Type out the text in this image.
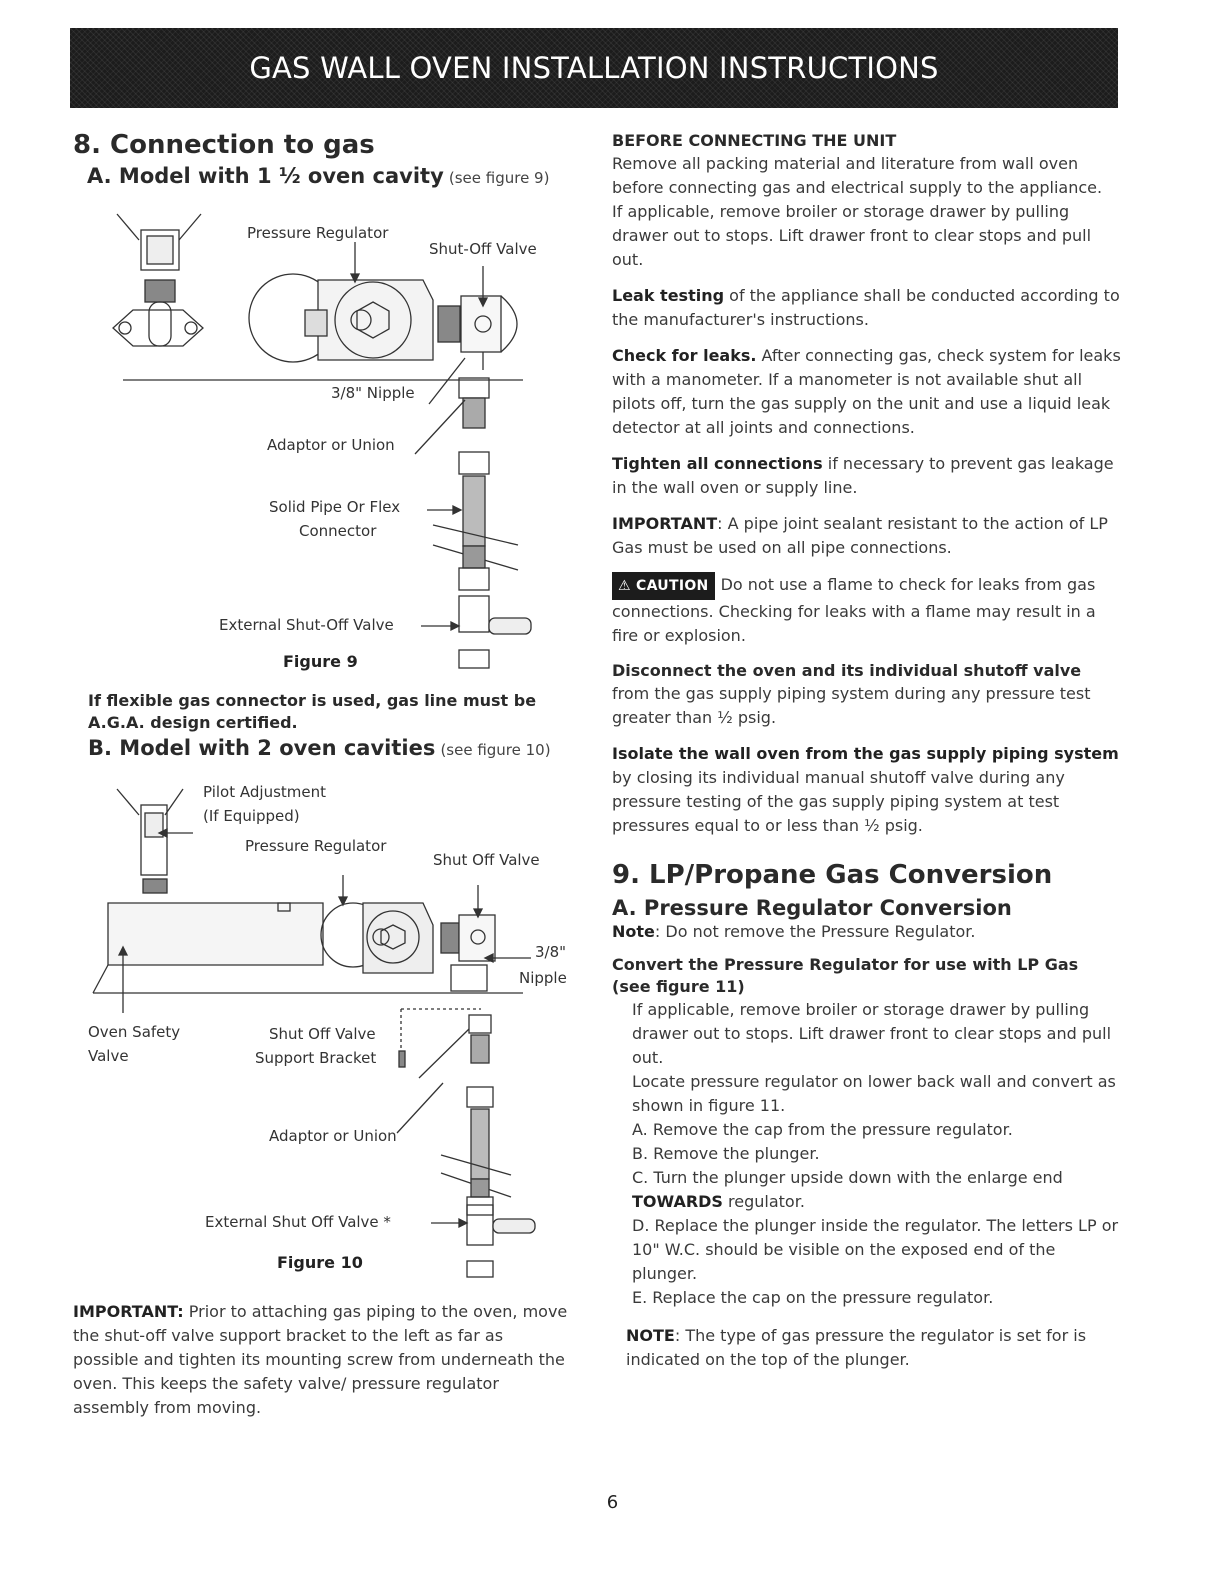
GAS WALL OVEN INSTALLATION INSTRUCTIONS
8. Connection to gas
A. Model with 1 ½ oven cavity (see figure 9)
Pressure Regulator
Shut-Off Valve
3/8" Nipple
Adaptor or Union
Solid Pipe Or Flex
Connector
External Shut-Off Valve
Figure 9
If flexible gas connector is used, gas line must be A.G.A. design certified.
B. Model with 2 oven cavities (see figure 10)
Pilot Adjustment
(If Equipped)
Pressure Regulator
Shut Off Valve
3/8"
Nipple
Oven Safety
Valve
Shut Off Valve
Support Bracket
Adaptor or Union
External Shut Off Valve *
Figure 10
IMPORTANT: Prior to attaching gas piping to the oven, move the shut-off valve support bracket to the left as far as possible and tighten its mounting screw from underneath the oven. This keeps the safety valve/ pressure regulator assembly from moving.
BEFORE CONNECTING THE UNIT
Remove all packing material and literature from wall oven before connecting gas and electrical supply to the appliance.
If applicable, remove broiler or storage drawer by pulling drawer out to stops. Lift drawer front to clear stops and pull out.
Leak testing of the appliance shall be conducted according to the manufacturer's instructions.
Check for leaks. After connecting gas, check system for leaks with a manometer. If a manometer is not available shut all pilots off, turn the gas supply on the unit and use a liquid leak detector at all joints and connections.
Tighten all connections if necessary to prevent gas leakage in the wall oven or supply line.
IMPORTANT: A pipe joint sealant resistant to the action of LP Gas must be used on all pipe connections.
⚠ CAUTION Do not use a flame to check for leaks from gas connections. Checking for leaks with a flame may result in a fire or explosion.
Disconnect the oven and its individual shutoff valve
from the gas supply piping system during any pressure test greater than ½ psig.
Isolate the wall oven from the gas supply piping system by closing its individual manual shutoff valve during any pressure testing of the gas supply piping system at test pressures equal to or less than ½ psig.
9. LP/Propane Gas Conversion
A. Pressure Regulator Conversion
Note: Do not remove the Pressure Regulator.
Convert the Pressure Regulator for use with LP Gas (see figure 11)
If applicable, remove broiler or storage drawer by pulling drawer out to stops. Lift drawer front to clear stops and pull out.
Locate pressure regulator on lower back wall and convert as shown in figure 11.
A. Remove the cap from the pressure regulator.
B. Remove the plunger.
C. Turn the plunger upside down with the enlarge end TOWARDS regulator.
D. Replace the plunger inside the regulator. The letters LP or 10" W.C. should be visible on the exposed end of the plunger.
E. Replace the cap on the pressure regulator.
NOTE: The type of gas pressure the regulator is set for is indicated on the top of the plunger.
6
